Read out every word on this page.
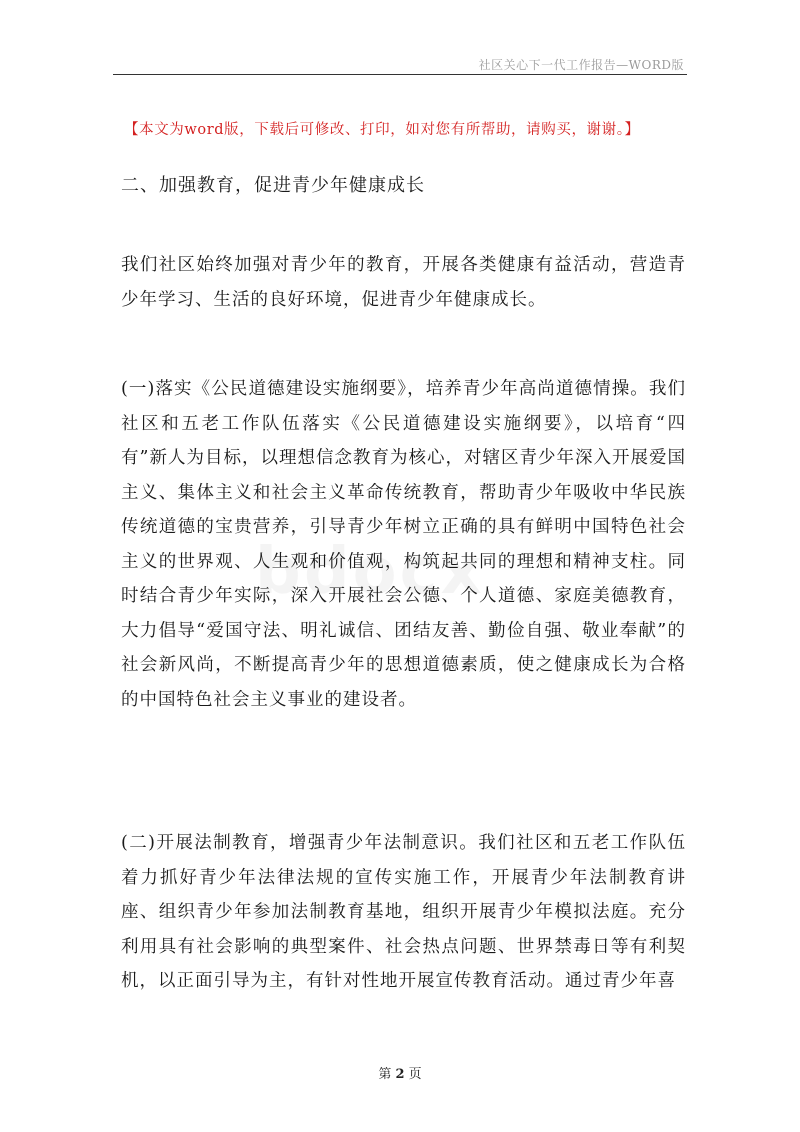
社区关心下一代工作报告—WORD版
【本文为word版，下载后可修改、打印，如对您有所帮助，请购买，谢谢。】
二、加强教育，促进青少年健康成长

我们社区始终加强对青少年的教育，开展各类健康有益活动，营造青少年学习、生活的良好环境，促进青少年健康成长。

(一)落实《公民道德建设实施纲要》，培养青少年高尚道德情操。我们社区和五老工作队伍落实《公民道德建设实施纲要》，以培育“四有”新人为目标，以理想信念教育为核心，对辖区青少年深入开展爱国主义、集体主义和社会主义革命传统教育，帮助青少年吸收中华民族传统道德的宝贵营养，引导青少年树立正确的具有鲜明中国特色社会主义的世界观、人生观和价值观，构筑起共同的理想和精神支柱。同时结合青少年实际，深入开展社会公德、个人道德、家庭美德教育，大力倡导“爱国守法、明礼诚信、团结友善、勤俭自强、敬业奉献”的社会新风尚，不断提高青少年的思想道德素质，使之健康成长为合格的中国特色社会主义事业的建设者。

(二)开展法制教育，增强青少年法制意识。我们社区和五老工作队伍着力抓好青少年法律法规的宣传实施工作，开展青少年法制教育讲座、组织青少年参加法制教育基地，组织开展青少年模拟法庭。充分利用具有社会影响的典型案件、社会热点问题、世界禁毒日等有利契机，以正面引导为主，有针对性地开展宣传教育活动。通过青少年喜

第 2 页
